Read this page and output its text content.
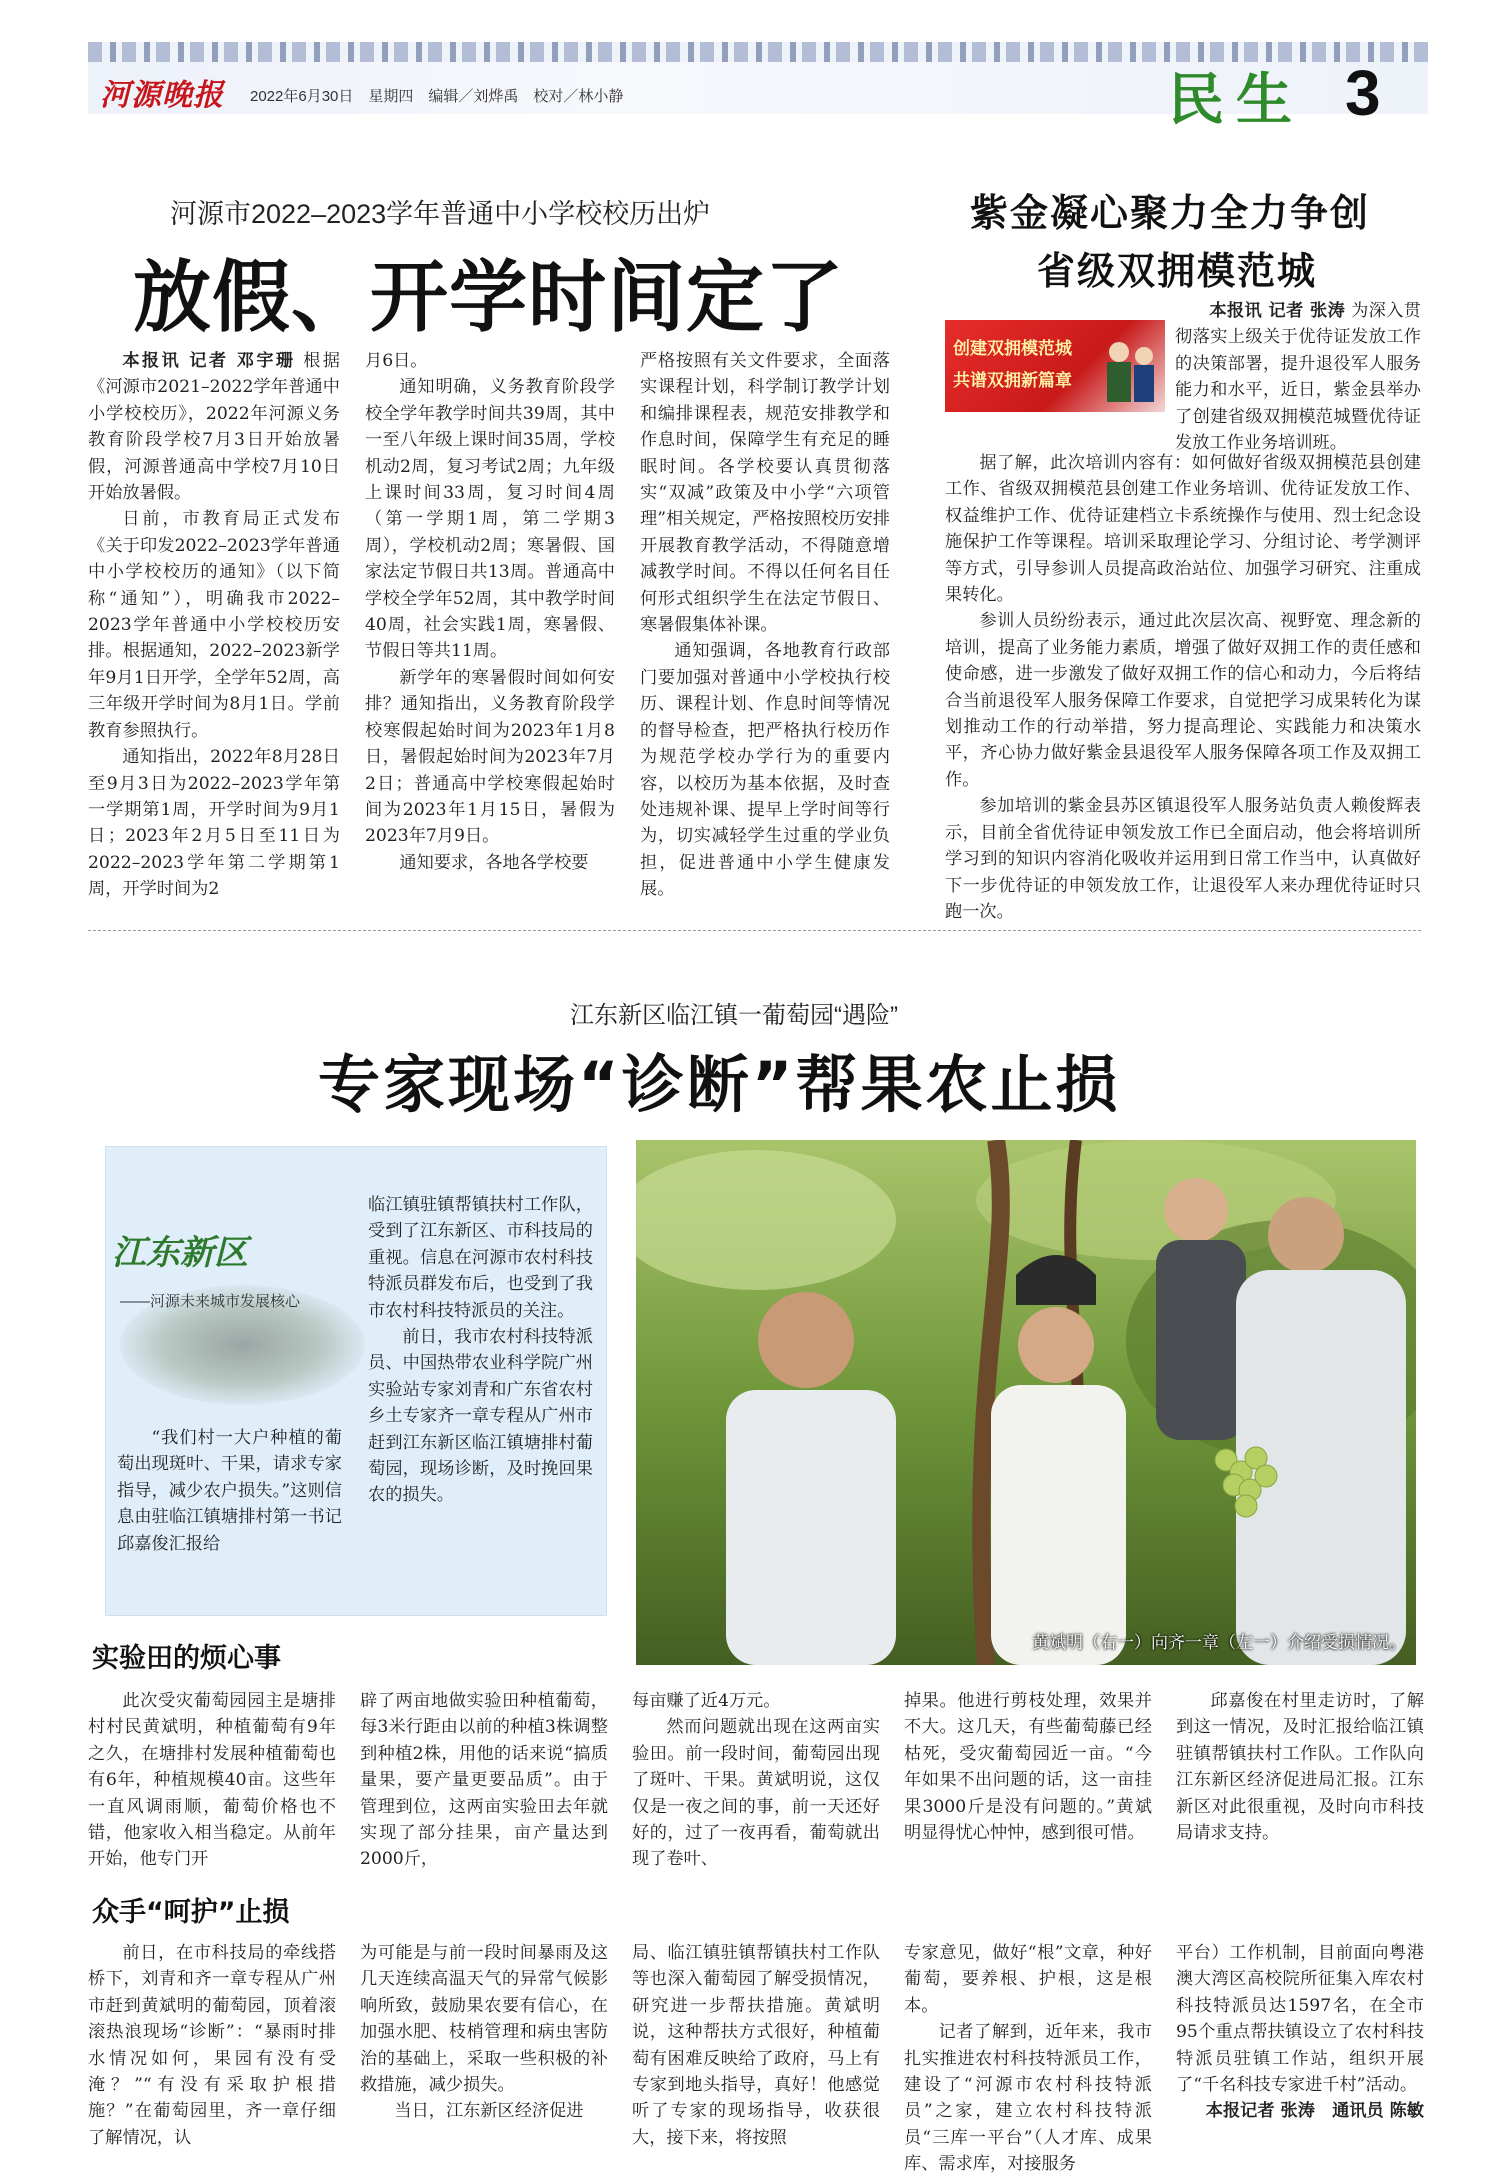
河源晚报 2022年6月30日　星期四　编辑／刘烨禹　校对／林小静	民生 3
河源市2022–2023学年普通中小学校校历出炉
放假、开学时间定了

本报讯 记者 邓宇珊 根据《河源市2021–2022学年普通中小学校校历》，2022年河源义务教育阶段学校7月3日开始放暑假，河源普通高中学校7月10日开始放暑假。

日前，市教育局正式发布《关于印发2022–2023学年普通中小学校校历的通知》（以下简称“通知”），明确我市2022–2023学年普通中小学校校历安排。根据通知，2022–2023新学年9月1日开学，全学年52周，高三年级开学时间为8月1日。学前教育参照执行。

通知指出，2022年8月28日至9月3日为2022–2023学年第一学期第1周，开学时间为9月1日；2023年2月5日至11日为2022–2023学年第二学期第1周，开学时间为2

月6日。

通知明确，义务教育阶段学校全学年教学时间共39周，其中一至八年级上课时间35周，学校机动2周，复习考试2周；九年级上课时间33周，复习时间4周（第一学期1周，第二学期3周），学校机动2周；寒暑假、国家法定节假日共13周。普通高中学校全学年52周，其中教学时间40周，社会实践1周，寒暑假、节假日等共11周。

新学年的寒暑假时间如何安排？通知指出，义务教育阶段学校寒假起始时间为2023年1月8日，暑假起始时间为2023年7月2日；普通高中学校寒假起始时间为2023年1月15日，暑假为2023年7月9日。

通知要求，各地各学校要

严格按照有关文件要求，全面落实课程计划，科学制订教学计划和编排课程表，规范安排教学和作息时间，保障学生有充足的睡眠时间。各学校要认真贯彻落实“双减”政策及中小学“六项管理”相关规定，严格按照校历安排开展教育教学活动，不得随意增减教学时间。不得以任何名目任何形式组织学生在法定节假日、寒暑假集体补课。

通知强调，各地教育行政部门要加强对普通中小学校执行校历、课程计划、作息时间等情况的督导检查，把严格执行校历作为规范学校办学行为的重要内容，以校历为基本依据，及时查处违规补课、提早上学时间等行为，切实减轻学生过重的学业负担，促进普通中小学生健康发展。

紫金凝心聚力全力争创
省级双拥模范城
创建双拥模范城
共谱双拥新篇章

本报讯 记者 张涛 为深入贯彻落实上级关于优待证发放工作的决策部署，提升退役军人服务能力和水平，近日，紫金县举办了创建省级双拥模范城暨优待证发放工作业务培训班。

据了解，此次培训内容有：如何做好省级双拥模范县创建工作、省级双拥模范县创建工作业务培训、优待证发放工作、权益维护工作、优待证建档立卡系统操作与使用、烈士纪念设施保护工作等课程。培训采取理论学习、分组讨论、考学测评等方式，引导参训人员提高政治站位、加强学习研究、注重成果转化。

参训人员纷纷表示，通过此次层次高、视野宽、理念新的培训，提高了业务能力素质，增强了做好双拥工作的责任感和使命感，进一步激发了做好双拥工作的信心和动力，今后将结合当前退役军人服务保障工作要求，自觉把学习成果转化为谋划推动工作的行动举措，努力提高理论、实践能力和决策水平，齐心协力做好紫金县退役军人服务保障各项工作及双拥工作。

参加培训的紫金县苏区镇退役军人服务站负责人赖俊辉表示，目前全省优待证申领发放工作已全面启动，他会将培训所学习到的知识内容消化吸收并运用到日常工作当中，认真做好下一步优待证的申领发放工作，让退役军人来办理优待证时只跑一次。

江东新区临江镇一葡萄园“遇险”
专家现场“诊断”帮果农止损
江东新区
——河源未来城市发展核心

“我们村一大户种植的葡萄出现斑叶、干果，请求专家指导，减少农户损失。”这则信息由驻临江镇塘排村第一书记邱嘉俊汇报给

临江镇驻镇帮镇扶村工作队，受到了江东新区、市科技局的重视。信息在河源市农村科技特派员群发布后，也受到了我市农村科技特派员的关注。

前日，我市农村科技特派员、中国热带农业科学院广州实验站专家刘青和广东省农村乡土专家齐一章专程从广州市赶到江东新区临江镇塘排村葡萄园，现场诊断，及时挽回果农的损失。

黄斌明（右一）向齐一章（左一）介绍受损情况。
实验田的烦心事

此次受灾葡萄园园主是塘排村村民黄斌明，种植葡萄有9年之久，在塘排村发展种植葡萄也有6年，种植规模40亩。这些年一直风调雨顺，葡萄价格也不错，他家收入相当稳定。从前年开始，他专门开

辟了两亩地做实验田种植葡萄，每3米行距由以前的种植3株调整到种植2株，用他的话来说“搞质量果，要产量更要品质”。由于管理到位，这两亩实验田去年就实现了部分挂果，亩产量达到2000斤，

每亩赚了近4万元。

然而问题就出现在这两亩实验田。前一段时间，葡萄园出现了斑叶、干果。黄斌明说，这仅仅是一夜之间的事，前一天还好好的，过了一夜再看，葡萄就出现了卷叶、

掉果。他进行剪枝处理，效果并不大。这几天，有些葡萄藤已经枯死，受灾葡萄园近一亩。“今年如果不出问题的话，这一亩挂果3000斤是没有问题的。”黄斌明显得忧心忡忡，感到很可惜。

邱嘉俊在村里走访时，了解到这一情况，及时汇报给临江镇驻镇帮镇扶村工作队。工作队向江东新区经济促进局汇报。江东新区对此很重视，及时向市科技局请求支持。

众手“呵护”止损

前日，在市科技局的牵线搭桥下，刘青和齐一章专程从广州市赶到黄斌明的葡萄园，顶着滚滚热浪现场“诊断”：“暴雨时排水情况如何，果园有没有受淹？”“有没有采取护根措施？”在葡萄园里，齐一章仔细了解情况，认

为可能是与前一段时间暴雨及这几天连续高温天气的异常气候影响所致，鼓励果农要有信心，在加强水肥、枝梢管理和病虫害防治的基础上，采取一些积极的补救措施，减少损失。

当日，江东新区经济促进

局、临江镇驻镇帮镇扶村工作队等也深入葡萄园了解受损情况，研究进一步帮扶措施。黄斌明说，这种帮扶方式很好，种植葡萄有困难反映给了政府，马上有专家到地头指导，真好！他感觉听了专家的现场指导，收获很大，接下来，将按照

专家意见，做好“根”文章，种好葡萄，要养根、护根，这是根本。

记者了解到，近年来，我市扎实推进农村科技特派员工作，建设了“河源市农村科技特派员”之家，建立农村科技特派员“三库一平台”（人才库、成果库、需求库，对接服务

平台）工作机制，目前面向粤港澳大湾区高校院所征集入库农村科技特派员达1597名，在全市95个重点帮扶镇设立了农村科技特派员驻镇工作站，组织开展了“千名科技专家进千村”活动。

本报记者 张涛　通讯员 陈敏
